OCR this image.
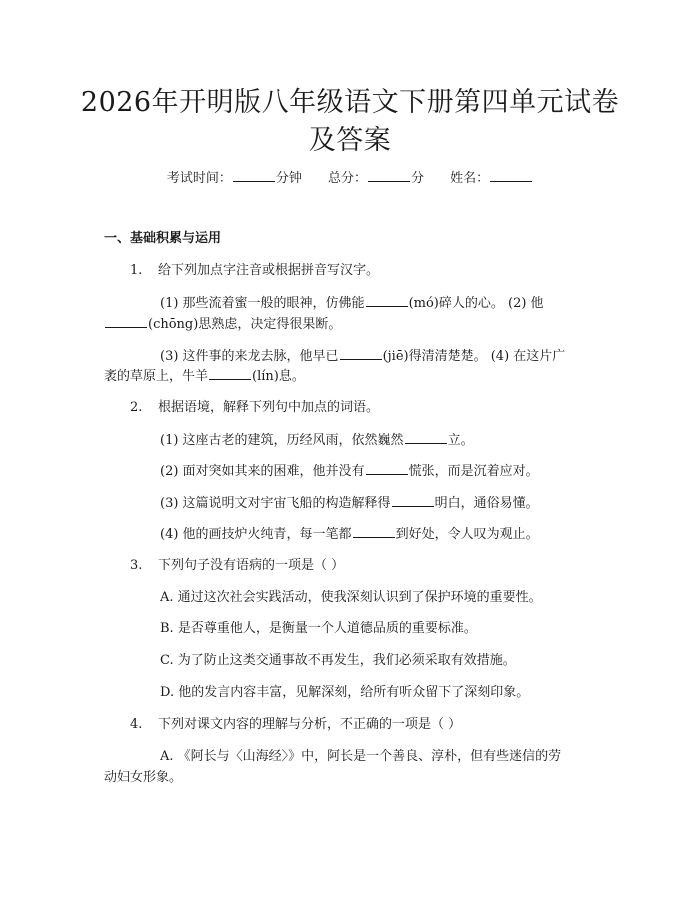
2026年开明版八年级语文下册第四单元试卷
及答案
考试时间：	分钟 总分：	分 姓名：
一、基础积累与运用
1. 给下列加点字注音或根据拼音写汉字。
(1) 那些流着蜜一般的眼神，仿佛能	(mó)碎人的心。 (2) 他
(chōng)思熟虑，决定得很果断。
(3) 这件事的来龙去脉，他早已	(jiē)得清清楚楚。 (4) 在这片广
袤的草原上，牛羊	(lín)息。
2. 根据语境，解释下列句中加点的词语。
(1) 这座古老的建筑，历经风雨，依然巍然	立。
(2) 面对突如其来的困难，他并没有	慌张，而是沉着应对。
(3) 这篇说明文对宇宙飞船的构造解释得	明白，通俗易懂。
(4) 他的画技炉火纯青，每一笔都	到好处，令人叹为观止。
3. 下列句子没有语病的一项是（ ）
A. 通过这次社会实践活动，使我深刻认识到了保护环境的重要性。
B. 是否尊重他人，是衡量一个人道德品质的重要标准。
C. 为了防止这类交通事故不再发生，我们必须采取有效措施。
D. 他的发言内容丰富，见解深刻，给所有听众留下了深刻印象。
4. 下列对课文内容的理解与分析，不正确的一项是（ ）
A. 《阿长与〈山海经〉》中，阿长是一个善良、淳朴，但有些迷信的劳
动妇女形象。
